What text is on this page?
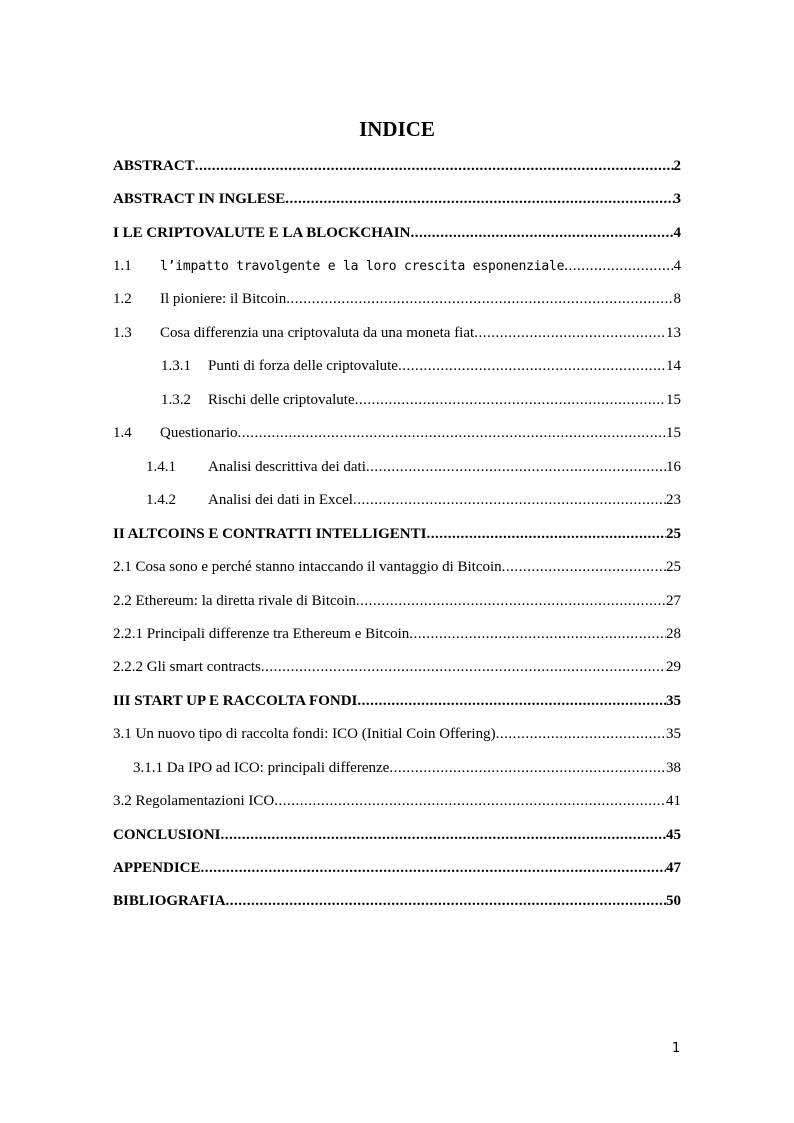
INDICE
ABSTRACT .....	2
ABSTRACT IN INGLESE .....	3
I LE CRIPTOVALUTE E LA BLOCKCHAIN .....	4
1.1	l’impatto travolgente e la loro crescita esponenziale .....	4
1.2	Il pioniere: il Bitcoin .....	8
1.3	Cosa differenzia una criptovaluta da una moneta fiat .....	13
1.3.1	Punti di forza delle criptovalute .....	14
1.3.2	Rischi delle criptovalute .....	15
1.4	Questionario .....	15
1.4.1	Analisi descrittiva dei dati .....	16
1.4.2	Analisi dei dati in Excel .....	23
II ALTCOINS E CONTRATTI INTELLIGENTI .....	25
2.1 Cosa sono e perché stanno intaccando il vantaggio di Bitcoin .....	25
2.2 Ethereum: la diretta rivale di Bitcoin .....	27
2.2.1 Principali differenze tra Ethereum e Bitcoin .....	28
2.2.2 Gli smart contracts .....	29
III START UP E RACCOLTA FONDI .....	35
3.1 Un nuovo tipo di raccolta fondi: ICO (Initial Coin Offering) .....	35
3.1.1 Da IPO ad ICO: principali differenze .....	38
3.2 Regolamentazioni ICO .....	41
CONCLUSIONI .....	45
APPENDICE .....	47
BIBLIOGRAFIA .....	50
1
